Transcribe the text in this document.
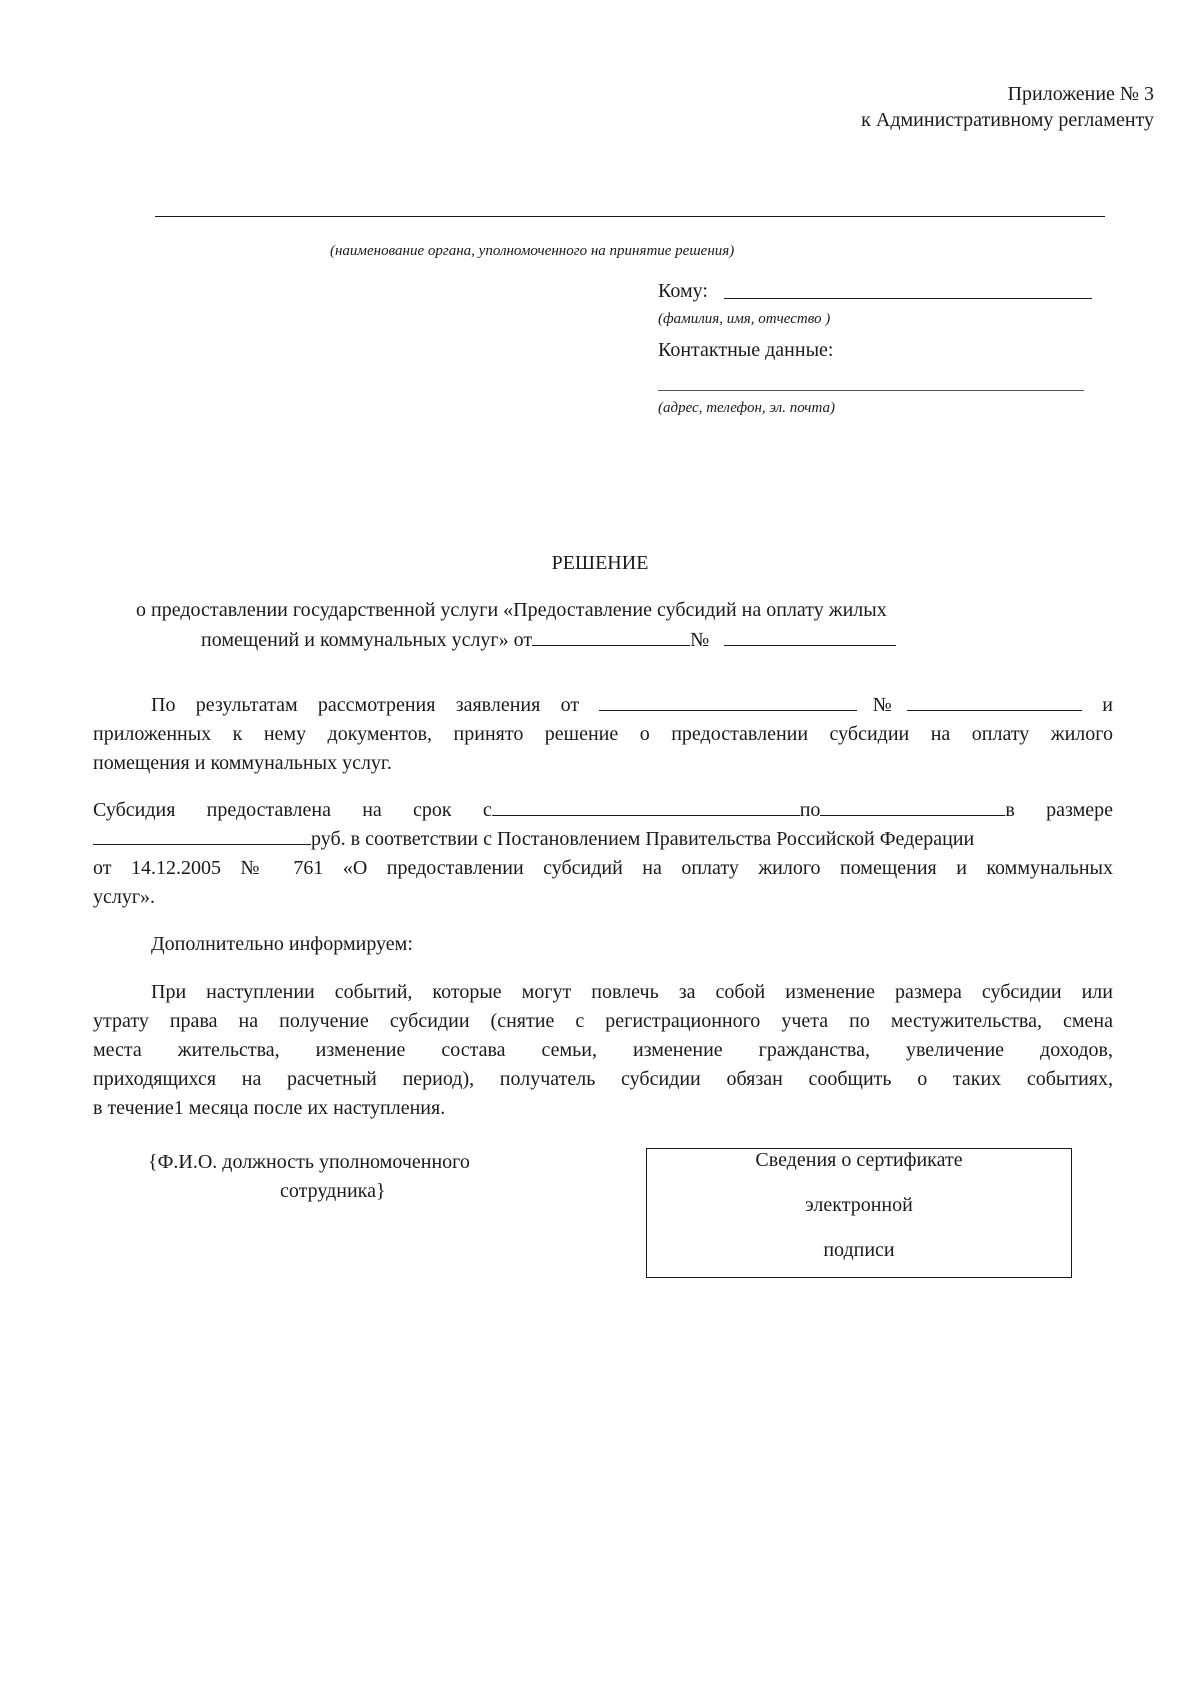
Приложение № 3
к Административному регламенту
(наименование органа, уполномоченного на принятие решения)
Кому:
(фамилия, имя, отчество )
Контактные данные:
(адрес, телефон, эл. почта)
РЕШЕНИЕ
о предоставлении государственной услуги «Предоставление субсидий на оплату жилых
помещений и коммунальных услуг» от	№
По результатам рассмотрения заявления от	№	и
приложенных к нему документов, принято решение о предоставлении субсидии на оплату жилого
помещения и коммунальных услуг.
Субсидия предоставлена на срок с	по	в размере
руб. в соответствии с Постановлением Правительства Российской Федерации
от 14.12.2005 № 761 «О предоставлении субсидий на оплату жилого помещения и коммунальных
услуг».
Дополнительно информируем:
При наступлении событий, которые могут повлечь за собой изменение размера субсидии или
утрату права на получение субсидии (снятие с регистрационного учета по местужительства, смена
места жительства, изменение состава семьи, изменение гражданства, увеличение доходов,
приходящихся на расчетный период), получатель субсидии обязан сообщить о таких событиях,
в течение1 месяца после их наступления.
{Ф.И.О. должность уполномоченного
сотрудника}
Сведения о сертификате
электронной
подписи
